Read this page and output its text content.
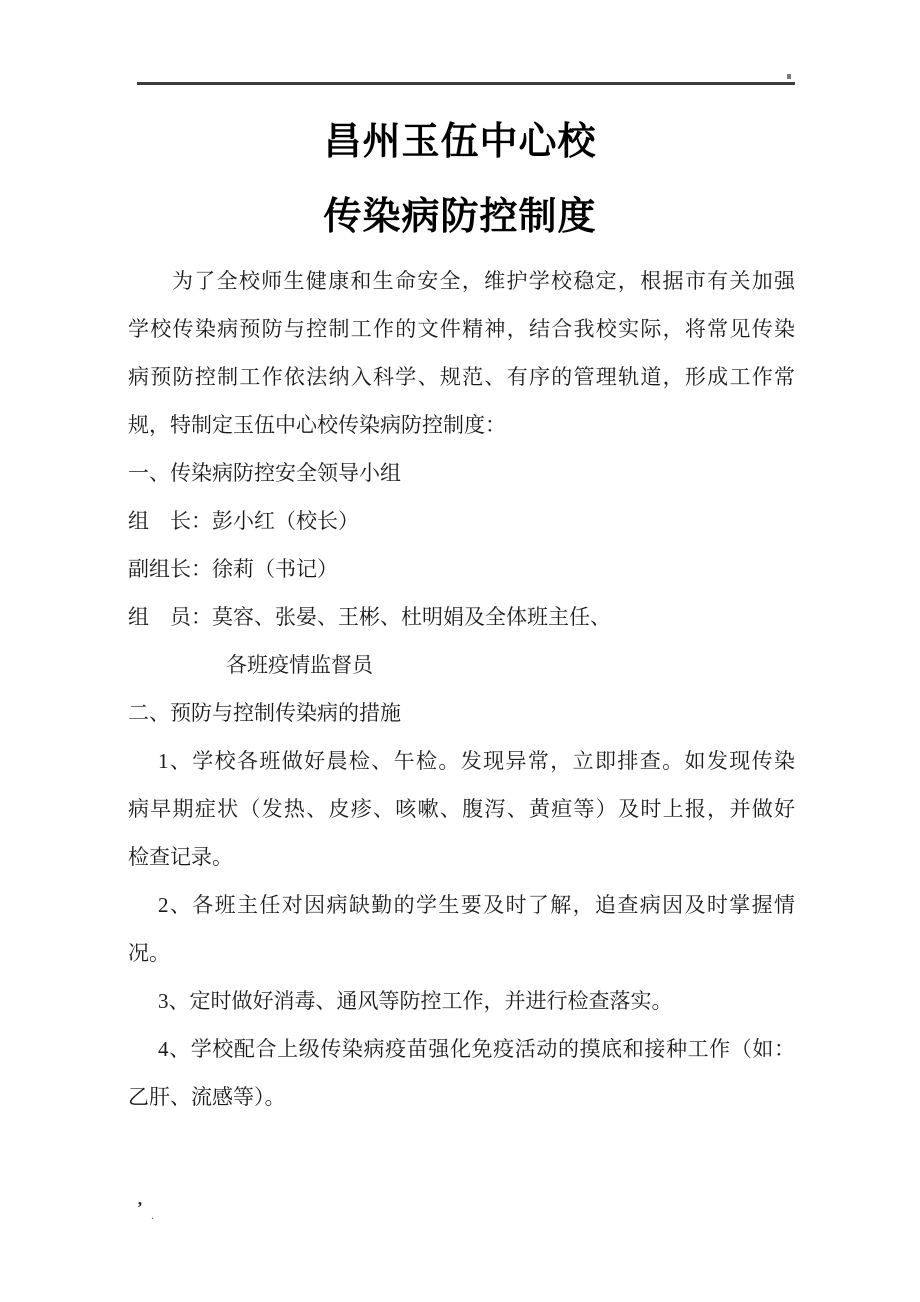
昌州玉伍中心校
传染病防控制度
为了全校师生健康和生命安全，维护学校稳定，根据市有关加强
学校传染病预防与控制工作的文件精神，结合我校实际，将常见传染
病预防控制工作依法纳入科学、规范、有序的管理轨道，形成工作常
规，特制定玉伍中心校传染病防控制度：
一、传染病防控安全领导小组
组　长：彭小红（校长）
副组长：徐莉（书记）
组　员：莫容、张晏、王彬、杜明娟及全体班主任、
各班疫情监督员
二、预防与控制传染病的措施
1、学校各班做好晨检、午检。发现异常，立即排查。如发现传染
病早期症状（发热、皮疹、咳嗽、腹泻、黄疸等）及时上报，并做好
检查记录。
2、各班主任对因病缺勤的学生要及时了解，追查病因及时掌握情
况。
3、定时做好消毒、通风等防控工作，并进行检查落实。
4、学校配合上级传染病疫苗强化免疫活动的摸底和接种工作（如：
乙肝、流感等）。
’ .
